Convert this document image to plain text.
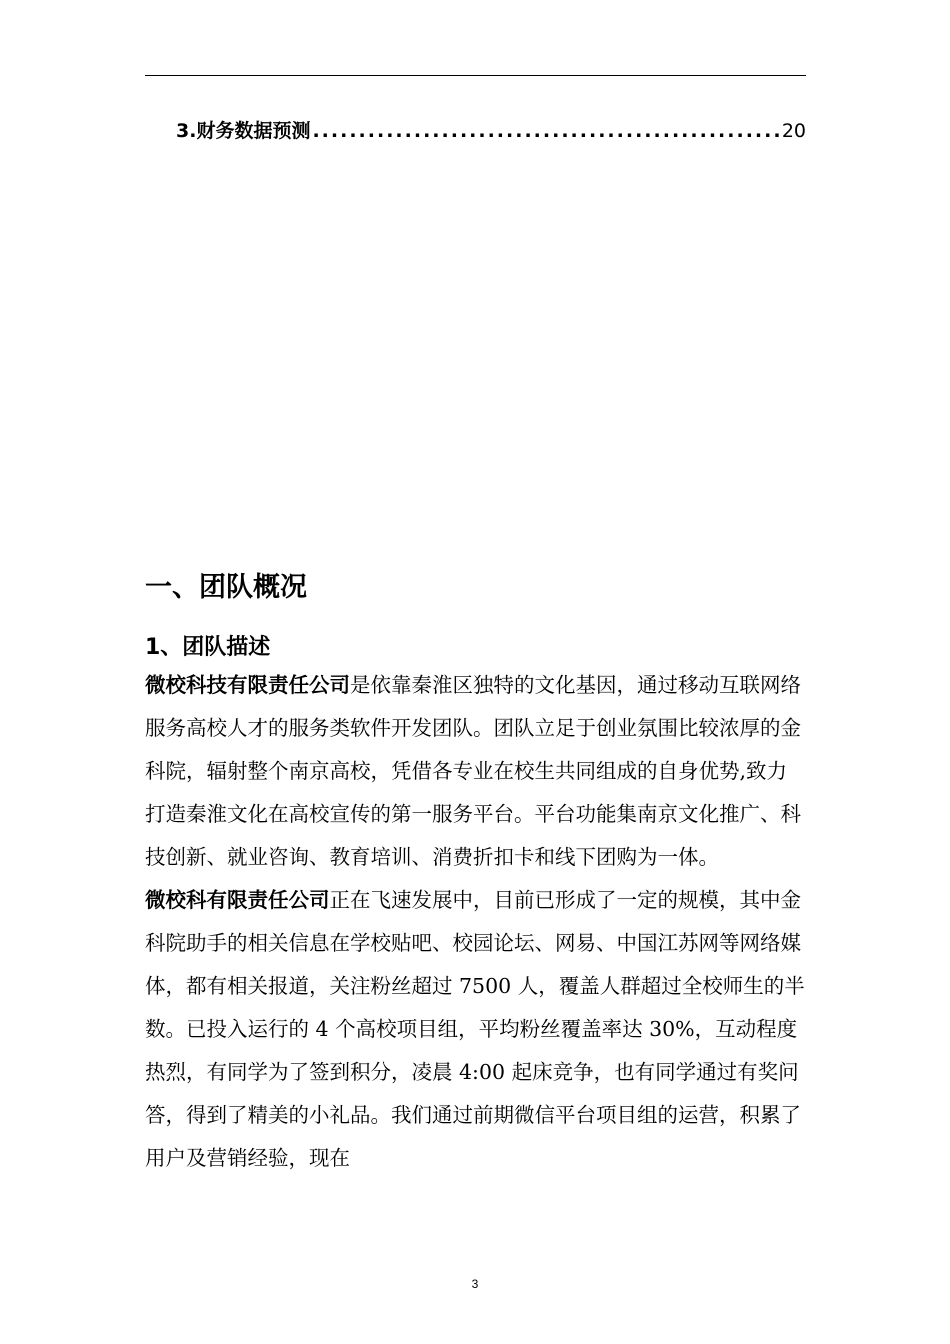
3.财务数据预测
.....	20
一、团队概况
1、团队描述

微校科技有限责任公司是依靠秦淮区独特的文化基因，通过移动互联网络服务高校人才的服务类软件开发团队。团队立足于创业氛围比较浓厚的金科院，辐射整个南京高校，凭借各专业在校生共同组成的自身优势,致力打造秦淮文化在高校宣传的第一服务平台。平台功能集南京文化推广、科技创新、就业咨询、教育培训、消费折扣卡和线下团购为一体。

微校科有限责任公司正在飞速发展中，目前已形成了一定的规模，其中金科院助手的相关信息在学校贴吧、校园论坛、网易、中国江苏网等网络媒体，都有相关报道，关注粉丝超过 7500 人，覆盖人群超过全校师生的半数。已投入运行的 4 个高校项目组，平均粉丝覆盖率达 30%，互动程度热烈，有同学为了签到积分，凌晨 4:00 起床竞争，也有同学通过有奖问答，得到了精美的小礼品。我们通过前期微信平台项目组的运营，积累了用户及营销经验，现在

3
